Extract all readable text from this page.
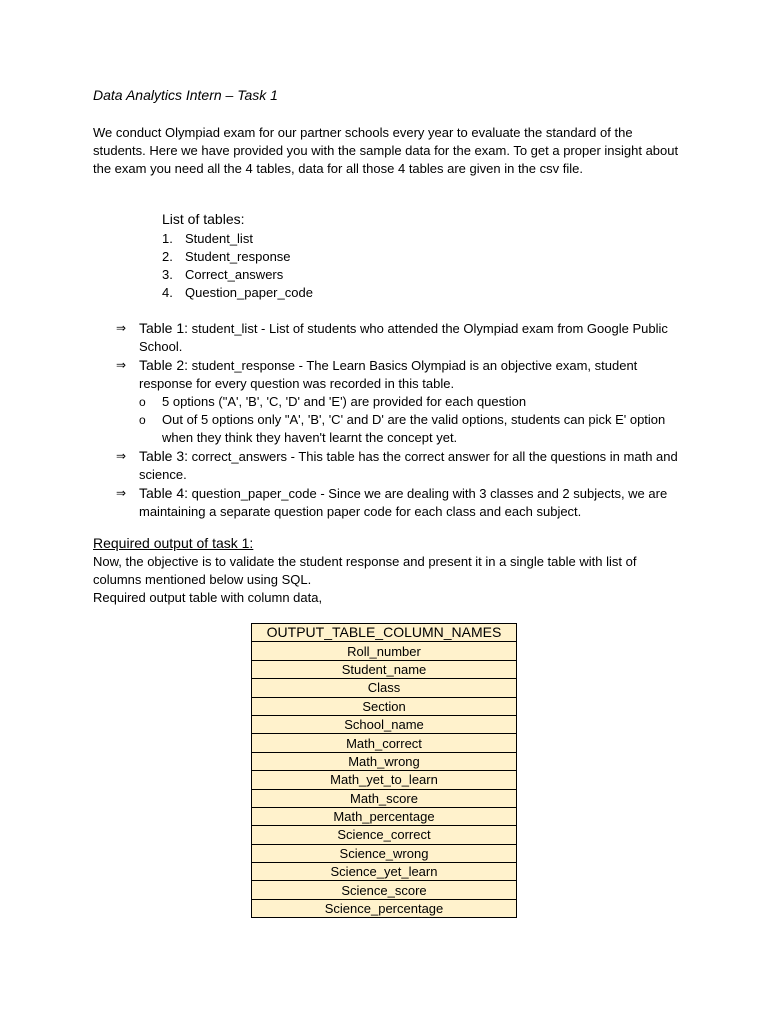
Data Analytics Intern – Task 1

We conduct Olympiad exam for our partner schools every year to evaluate the standard of the students. Here we have provided you with the sample data for the exam. To get a proper insight about the exam you need all the 4 tables, data for all those 4 tables are given in the csv file.

List of tables:
1. Student_list
2. Student_response
3. Correct_answers
4. Question_paper_code
⇒ Table 1: student_list - List of students who attended the Olympiad exam from Google Public School.
⇒ Table 2: student_response - The Learn Basics Olympiad is an objective exam, student response for every question was recorded in this table.
o 5 options ("A', 'B', 'C, 'D' and 'E') are provided for each question
o Out of 5 options only "A', 'B', 'C' and D' are the valid options, students can pick E' option when they think they haven't learnt the concept yet.
⇒ Table 3: correct_answers - This table has the correct answer for all the questions in math and science.
⇒ Table 4: question_paper_code - Since we are dealing with 3 classes and 2 subjects, we are maintaining a separate question paper code for each class and each subject.
Required output of task 1:
Now, the objective is to validate the student response and present it in a single table with list of columns mentioned below using SQL.
Required output table with column data,
OUTPUT_TABLE_COLUMN_NAMES
Roll_number
Student_name
Class
Section
School_name
Math_correct
Math_wrong
Math_yet_to_learn
Math_score
Math_percentage
Science_correct
Science_wrong
Science_yet_learn
Science_score
Science_percentage
